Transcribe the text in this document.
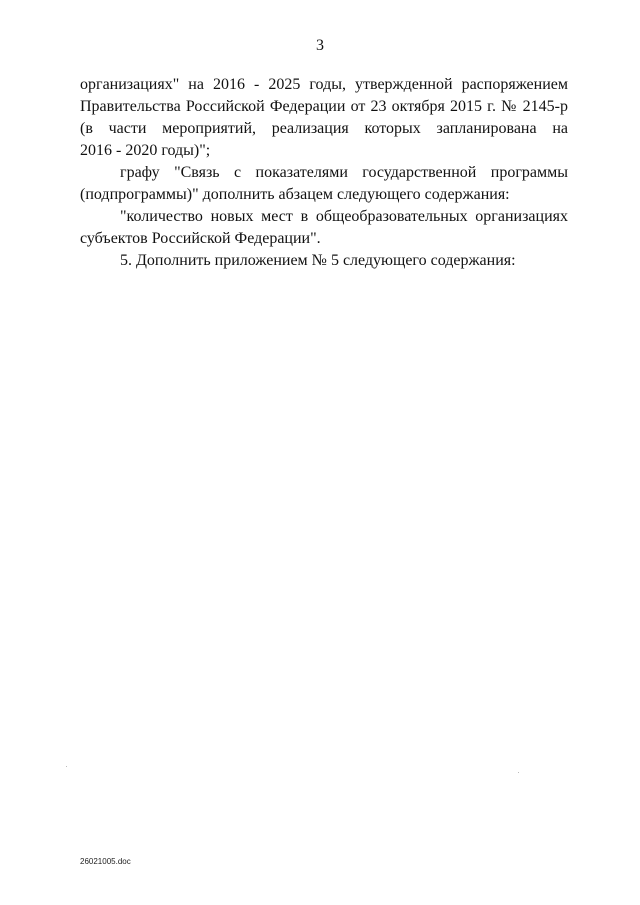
3
организациях" на 2016 - 2025 годы, утвержденной распоряжением
Правительства Российской Федерации от 23 октября 2015 г. № 2145-р
(в части мероприятий, реализация которых запланирована на
2016 - 2020 годы)";
графу "Связь с показателями государственной программы
(подпрограммы)" дополнить абзацем следующего содержания:
"количество новых мест в общеобразовательных организациях
субъектов Российской Федерации".
5. Дополнить приложением № 5 следующего содержания:
26021005.doc
